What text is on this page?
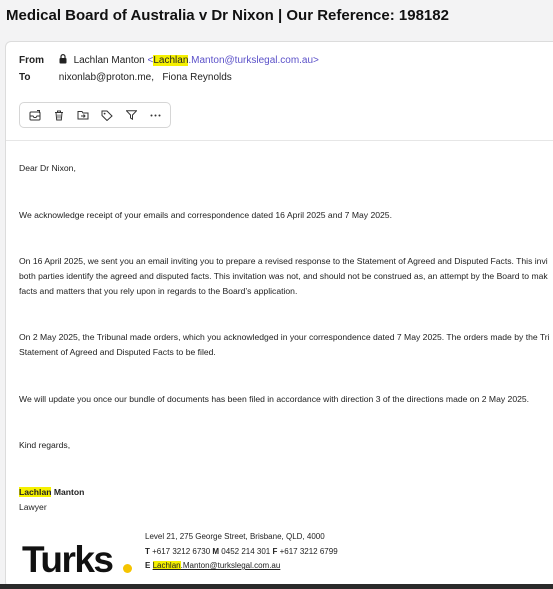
Medical Board of Australia v Dr Nixon | Our Reference: 198182
From	Lachlan Manton <Lachlan.Manton@turkslegal.com.au>
To	nixonlab@proton.me,   Fiona Reynolds
Dear Dr Nixon,
We acknowledge receipt of your emails and correspondence dated 16 April 2025 and 7 May 2025.
On 16 April 2025, we sent you an email inviting you to prepare a revised response to the Statement of Agreed and Disputed Facts. This invi
both parties identify the agreed and disputed facts. This invitation was not, and should not be construed as, an attempt by the Board to mak
facts and matters that you rely upon in regards to the Board’s application.
On 2 May 2025, the Tribunal made orders, which you acknowledged in your correspondence dated 7 May 2025. The orders made by the Tri
Statement of Agreed and Disputed Facts to be filed.
We will update you once our bundle of documents has been filed in accordance with direction 3 of the directions made on 2 May 2025.
Kind regards,
Lachlan Manton
Lawyer
Turks
Level 21, 275 George Street, Brisbane, QLD, 4000
T +617 3212 6730 M 0452 214 301 F +617 3212 6799
E Lachlan.Manton@turkslegal.com.au
